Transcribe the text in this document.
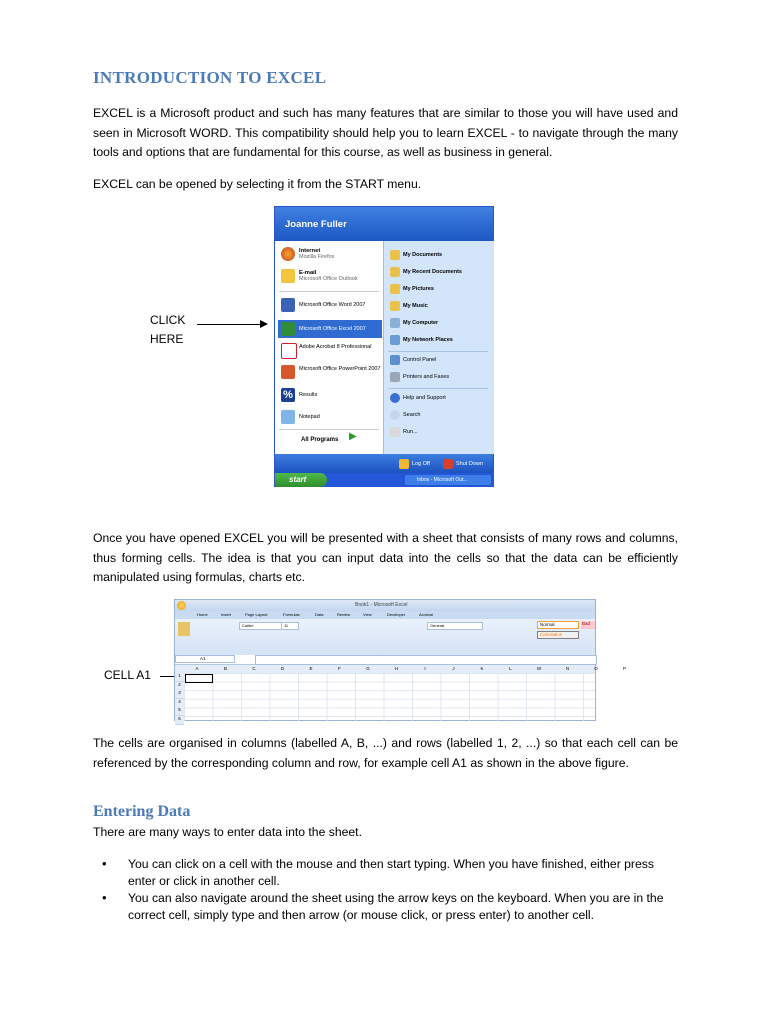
INTRODUCTION TO EXCEL
EXCEL is a Microsoft product and such has many features that are similar to those you will have used and seen in Microsoft WORD. This compatibility should help you to learn EXCEL - to navigate through the many tools and options that are fundamental for this course, as well as business in general.
EXCEL can be opened by selecting it from the START menu.
CLICK
HERE
Joanne Fuller
Internet
Mozilla Firefox
E-mail
Microsoft Office Outlook
Microsoft Office Word 2007
Microsoft Office Excel 2007
Adobe Acrobat 8 Professional
Microsoft Office PowerPoint 2007
%	Results
Notepad
All Programs ▶
My Documents
My Recent Documents
My Pictures
My Music
My Computer
My Network Places
Control Panel
Printers and Faxes
Help and Support
Search
Run...
Log Off	Shut Down
start	Inbox - Microsoft Out...
Once you have opened EXCEL you will be presented with a sheet that consists of many rows and columns, thus forming cells. The idea is that you can input data into the cells so that the data can be efficiently manipulated using formulas, charts etc.
CELL A1
Book1 - Microsoft Excel
Home	Insert	Page Layout	Formulas	Data	Review	View	Developer	Acrobat
Calibri	11	General	Normal	Bad
Calculation
A1
A	B	C	D	E	F	G	H	I	J	K	L	M	N	O	P
1
2
3
4
5
6
The cells are organised in columns (labelled A, B, ...) and rows (labelled 1, 2, ...) so that each cell can be referenced by the corresponding column and row, for example cell A1 as shown in the above figure.
Entering Data
There are many ways to enter data into the sheet.
• You can click on a cell with the mouse and then start typing. When you have finished, either press enter or click in another cell.
• You can also navigate around the sheet using the arrow keys on the keyboard. When you are in the correct cell, simply type and then arrow (or mouse click, or press enter) to another cell.
